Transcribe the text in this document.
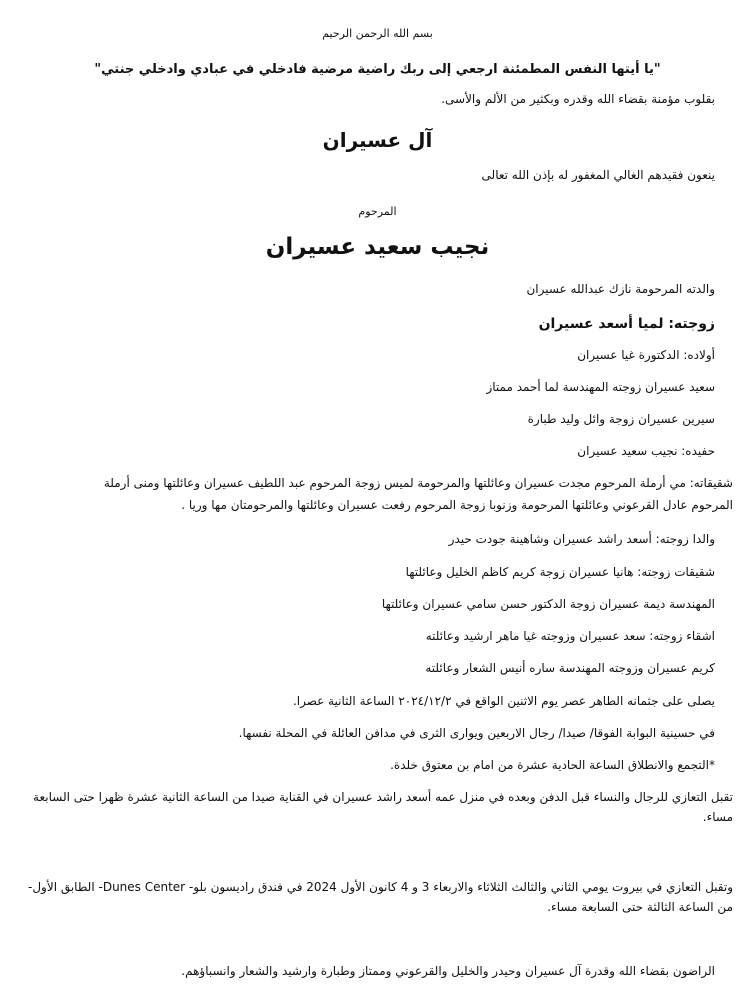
بسم الله الرحمن الرحيم
"يا أيتها النفس المطمئنة ارجعي إلى ربك راضية مرضية فادخلي في عبادي وادخلي جنتي"
بقلوب مؤمنة بقضاء الله وقدره وبكثير من الألم والأسى.
آل عسيران
ينعون فقيدهم الغالي المغفور له بإذن الله تعالى
المرحوم
نجيب سعيد عسيران
والدته المرحومة نازك عبدالله عسيران
زوجته: لميا أسعد عسيران
أولاده: الدكتورة غيا عسيران
سعيد عسيران زوجته المهندسة لما أحمد ممتاز
سيرين عسيران زوجة وائل وليد طبارة
حفيده: نجيب سعيد عسيران
شقيقاته: مي أرملة المرحوم مجدت عسيران وعائلتها والمرحومة لميس زوجة المرحوم عبد اللطيف عسيران وعائلتها ومنى أرملة
المرحوم عادل القرعوني وعائلتها المرحومة وزنوبا زوجة المرحوم رفعت عسيران وعائلتها والمرحومتان مها وريا .
والدا زوجته: أسعد راشد عسيران وشاهينة جودت حيدر
شقيقات زوجته: هانيا عسيران زوجة كريم كاظم الخليل وعائلتها
المهندسة ديمة عسيران زوجة الدكتور حسن سامي عسيران وعائلتها
اشقاء زوجته: سعد عسيران وزوجته غيا ماهر ارشيد وعائلته
كريم عسيران وزوجته المهندسة ساره أنيس الشعار وعائلته
يصلى على جثمانه الطاهر عصر يوم الاثنين الواقع في ٢٠٢٤/١٢/٢ الساعة الثانية عصرا.
في حسينية البوابة الفوقا/ صيدا/ رجال الاربعين ويوارى الثرى في مدافن العائلة في المحلة نفسها.
*التجمع والانطلاق الساعة الحادية عشرة من امام بن معتوق خلدة.
تقبل التعازي للرجال والنساء قبل الدفن وبعده في منزل عمه أسعد راشد عسيران في القناية صيدا من الساعة الثانية عشرة ظهرا حتى السابعة مساء.
وتقبل التعازي في بيروت يومي الثاني والثالث الثلاثاء والاربعاء 3 و 4 كانون الأول 2024 في فندق راديسون بلو- Dunes Center- الطابق الأول- من الساعة الثالثة حتى السابعة مساء.
الراضون بقضاء الله وقدرة آل عسيران وحيدر والخليل والقرعوني وممتاز وطبارة وارشيد والشعار وانسباؤهم.
